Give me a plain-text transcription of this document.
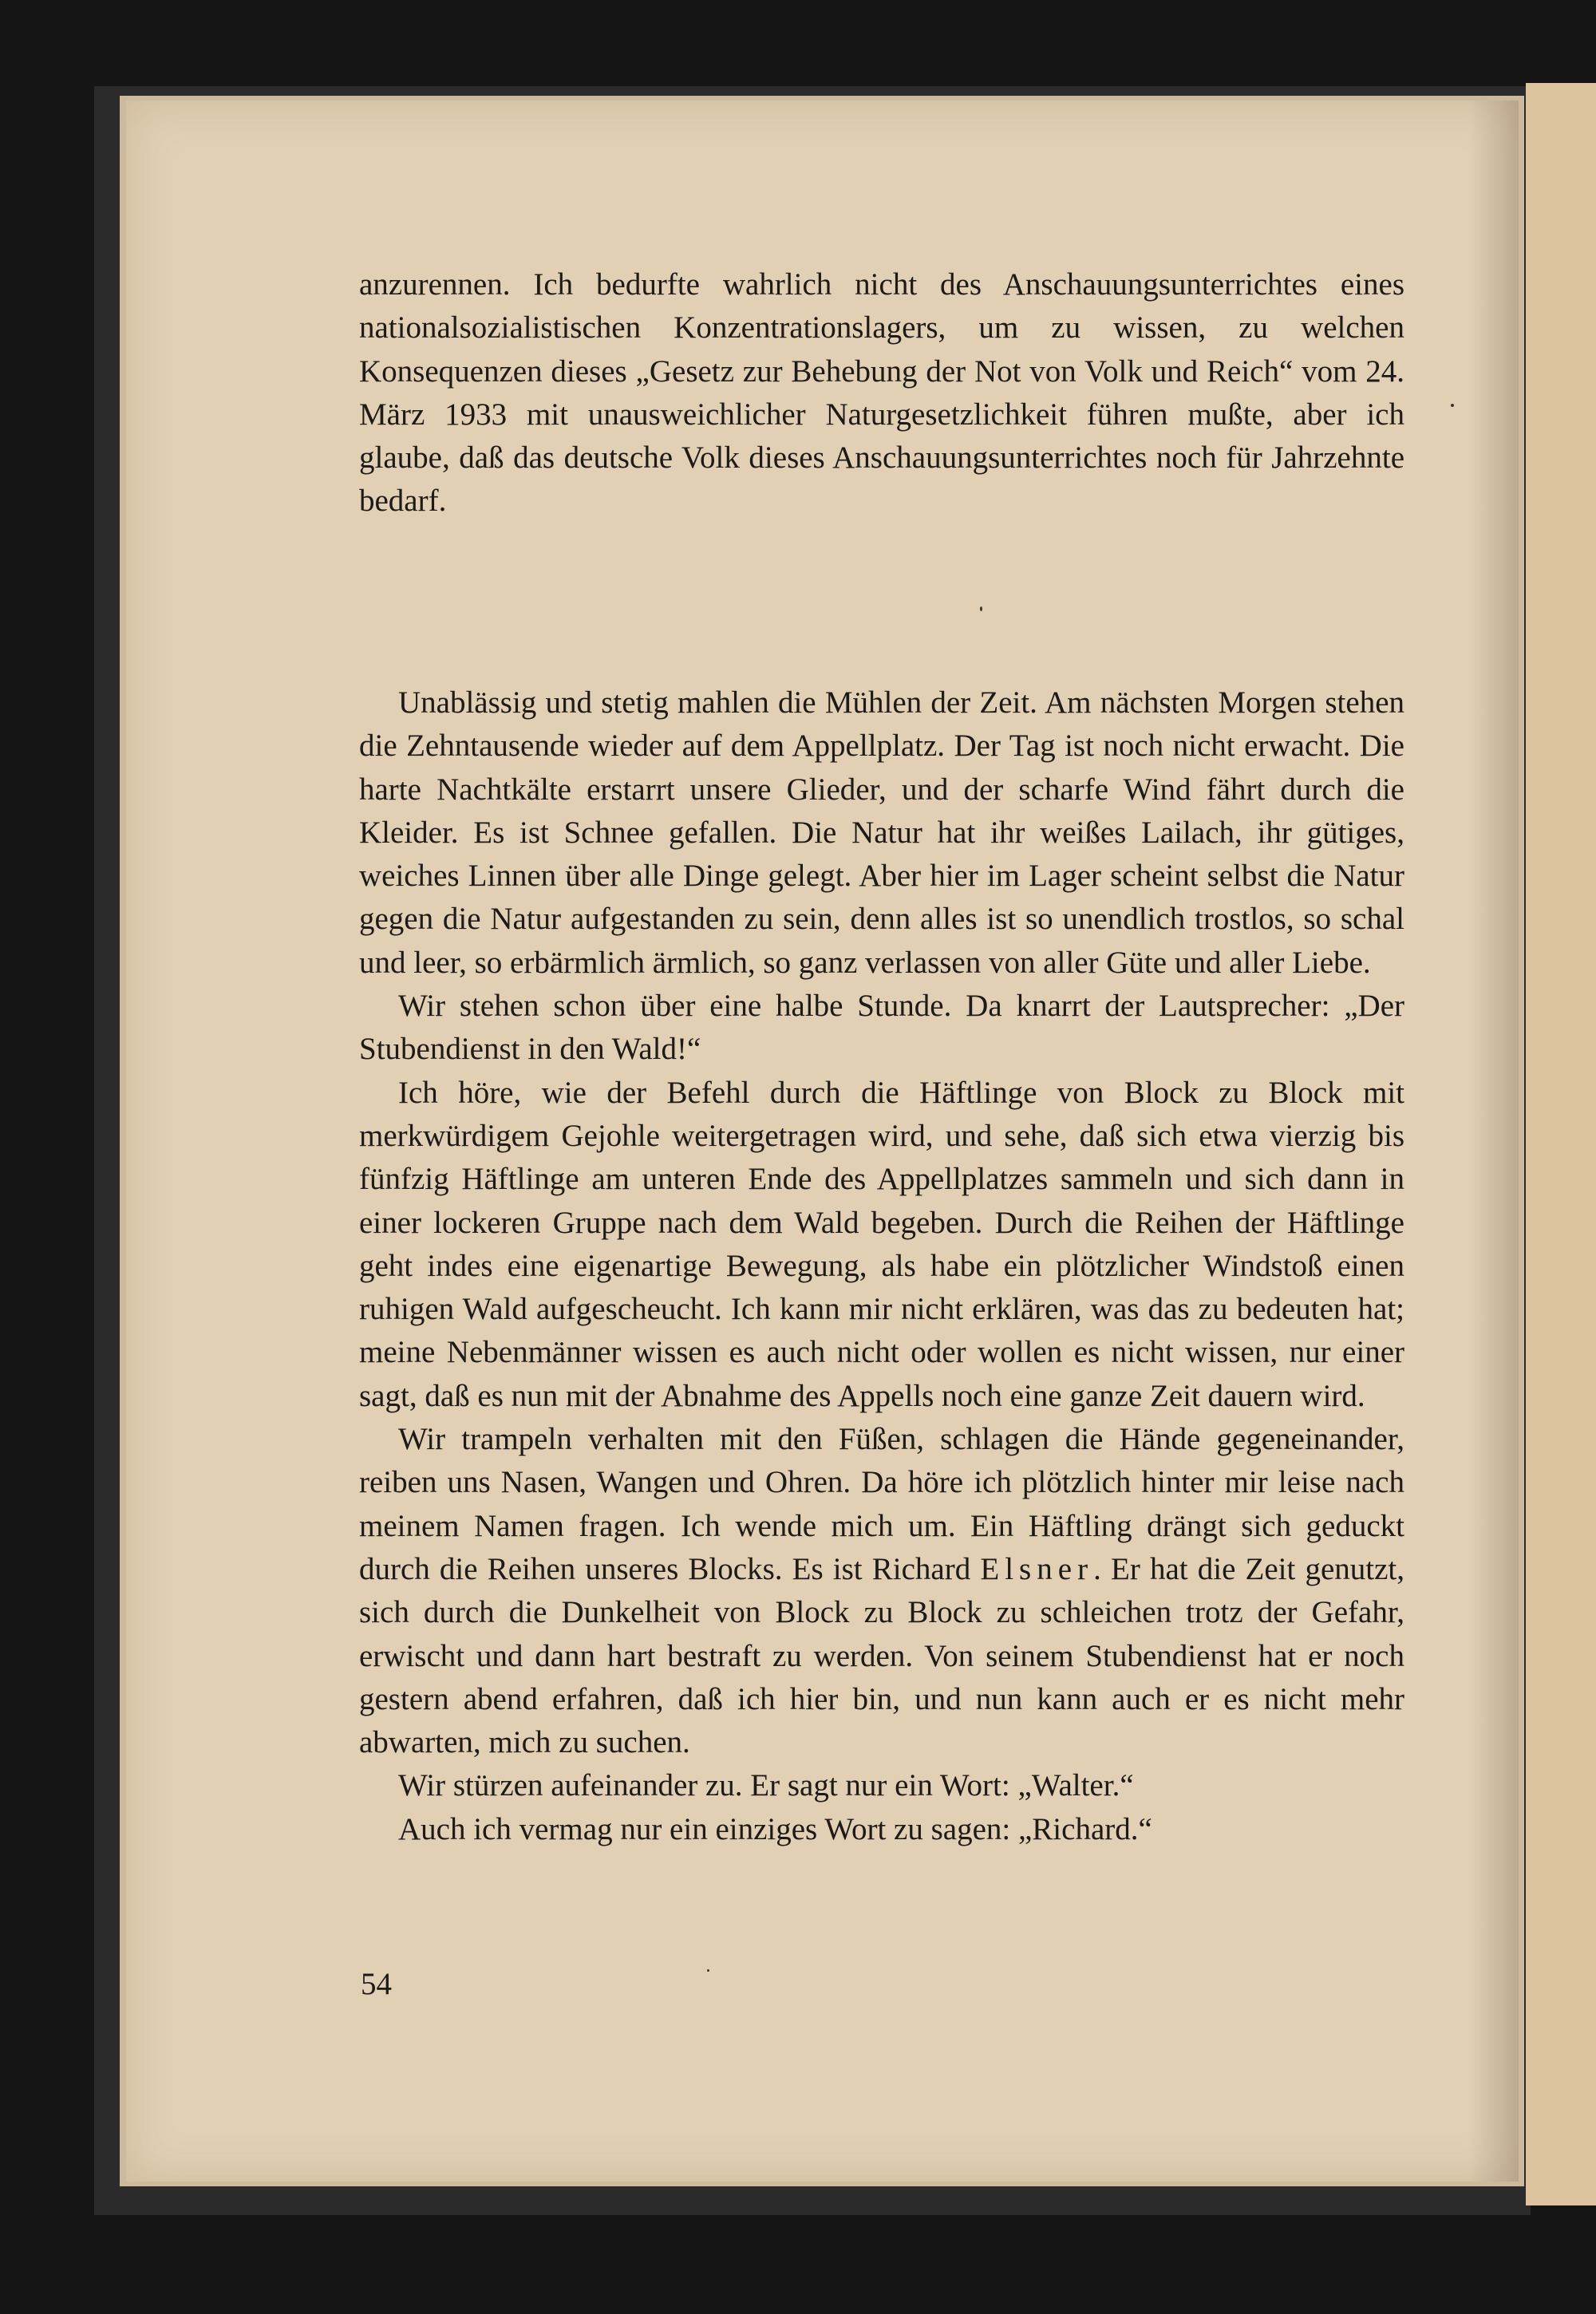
anzurennen. Ich bedurfte wahrlich nicht des Anschauungsunterrichtes eines nationalsozialistischen Konzentrationslagers, um zu wissen, zu welchen Konsequenzen dieses „Gesetz zur Behebung der Not von Volk und Reich“ vom 24. März 1933 mit unausweichlicher Naturgesetzlichkeit führen mußte, aber ich glaube, daß das deutsche Volk dieses Anschauungsunterrichtes noch für Jahrzehnte bedarf.

Unablässig und stetig mahlen die Mühlen der Zeit. Am nächsten Morgen stehen die Zehntausende wieder auf dem Appellplatz. Der Tag ist noch nicht erwacht. Die harte Nachtkälte erstarrt unsere Glieder, und der scharfe Wind fährt durch die Kleider. Es ist Schnee gefallen. Die Natur hat ihr weißes Lailach, ihr gütiges, weiches Linnen über alle Dinge gelegt. Aber hier im Lager scheint selbst die Natur gegen die Natur aufgestanden zu sein, denn alles ist so unendlich trostlos, so schal und leer, so erbärmlich ärmlich, so ganz verlassen von aller Güte und aller Liebe.

Wir stehen schon über eine halbe Stunde. Da knarrt der Lautsprecher: „Der Stubendienst in den Wald!“

Ich höre, wie der Befehl durch die Häftlinge von Block zu Block mit merkwürdigem Gejohle weitergetragen wird, und sehe, daß sich etwa vierzig bis fünfzig Häftlinge am unteren Ende des Appellplatzes sammeln und sich dann in einer lockeren Gruppe nach dem Wald begeben. Durch die Reihen der Häftlinge geht indes eine eigenartige Bewegung, als habe ein plötzlicher Windstoß einen ruhigen Wald aufgescheucht. Ich kann mir nicht erklären, was das zu bedeuten hat; meine Nebenmänner wissen es auch nicht oder wollen es nicht wissen, nur einer sagt, daß es nun mit der Abnahme des Appells noch eine ganze Zeit dauern wird.

Wir trampeln verhalten mit den Füßen, schlagen die Hände gegeneinander, reiben uns Nasen, Wangen und Ohren. Da höre ich plötzlich hinter mir leise nach meinem Namen fragen. Ich wende mich um. Ein Häftling drängt sich geduckt durch die Reihen unseres Blocks. Es ist Richard Elsner. Er hat die Zeit genutzt, sich durch die Dunkelheit von Block zu Block zu schleichen trotz der Gefahr, erwischt und dann hart bestraft zu werden. Von seinem Stubendienst hat er noch gestern abend erfahren, daß ich hier bin, und nun kann auch er es nicht mehr abwarten, mich zu suchen.

Wir stürzen aufeinander zu. Er sagt nur ein Wort: „Walter.“

Auch ich vermag nur ein einziges Wort zu sagen: „Richard.“

54
